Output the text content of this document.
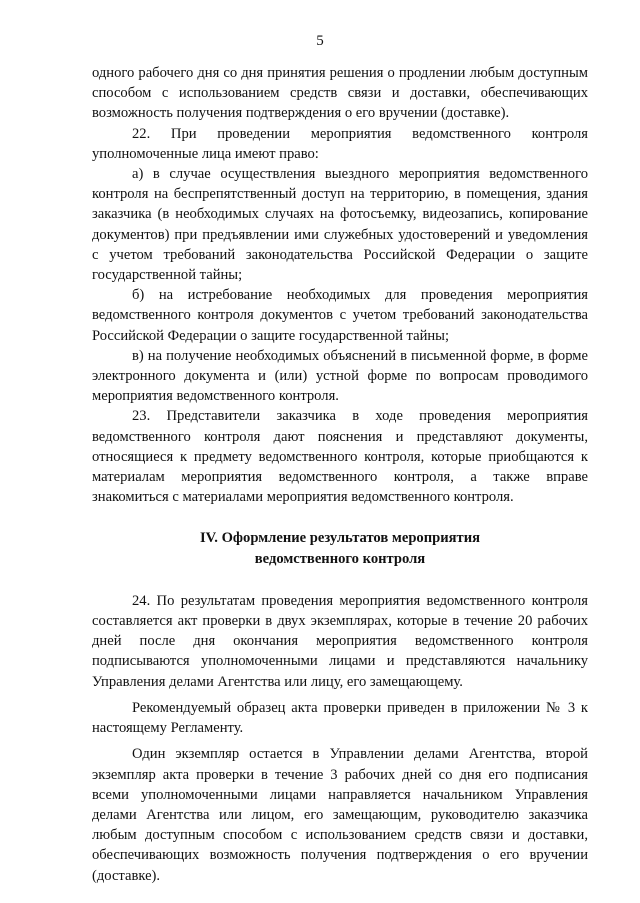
5

одного рабочего дня со дня принятия решения о продлении любым доступным способом с использованием средств связи и доставки, обеспечивающих возможность получения подтверждения о его вручении (доставке).

22. При проведении мероприятия ведомственного контроля уполномоченные лица имеют право:

а) в случае осуществления выездного мероприятия ведомственного контроля на беспрепятственный доступ на территорию, в помещения, здания заказчика (в необходимых случаях на фотосъемку, видеозапись, копирование документов) при предъявлении ими служебных удостоверений и уведомления с учетом требований законодательства Российской Федерации о защите государственной тайны;

б) на истребование необходимых для проведения мероприятия ведомственного контроля документов с учетом требований законодательства Российской Федерации о защите государственной тайны;

в) на получение необходимых объяснений в письменной форме, в форме электронного документа и (или) устной форме по вопросам проводимого мероприятия ведомственного контроля.

23. Представители заказчика в ходе проведения мероприятия ведомственного контроля дают пояснения и представляют документы, относящиеся к предмету ведомственного контроля, которые приобщаются к материалам мероприятия ведомственного контроля, а также вправе знакомиться с материалами мероприятия ведомственного контроля.

IV. Оформление результатов мероприятия
ведомственного контроля

24. По результатам проведения мероприятия ведомственного контроля составляется акт проверки в двух экземплярах, которые в течение 20 рабочих дней после дня окончания мероприятия ведомственного контроля подписываются уполномоченными лицами и представляются начальнику Управления делами Агентства или лицу, его замещающему.

Рекомендуемый образец акта проверки приведен в приложении № 3 к настоящему Регламенту.

Один экземпляр остается в Управлении делами Агентства, второй экземпляр акта проверки в течение 3 рабочих дней со дня его подписания всеми уполномоченными лицами направляется начальником Управления делами Агентства или лицом, его замещающим, руководителю заказчика любым доступным способом с использованием средств связи и доставки, обеспечивающих возможность получения подтверждения о его вручении (доставке).
